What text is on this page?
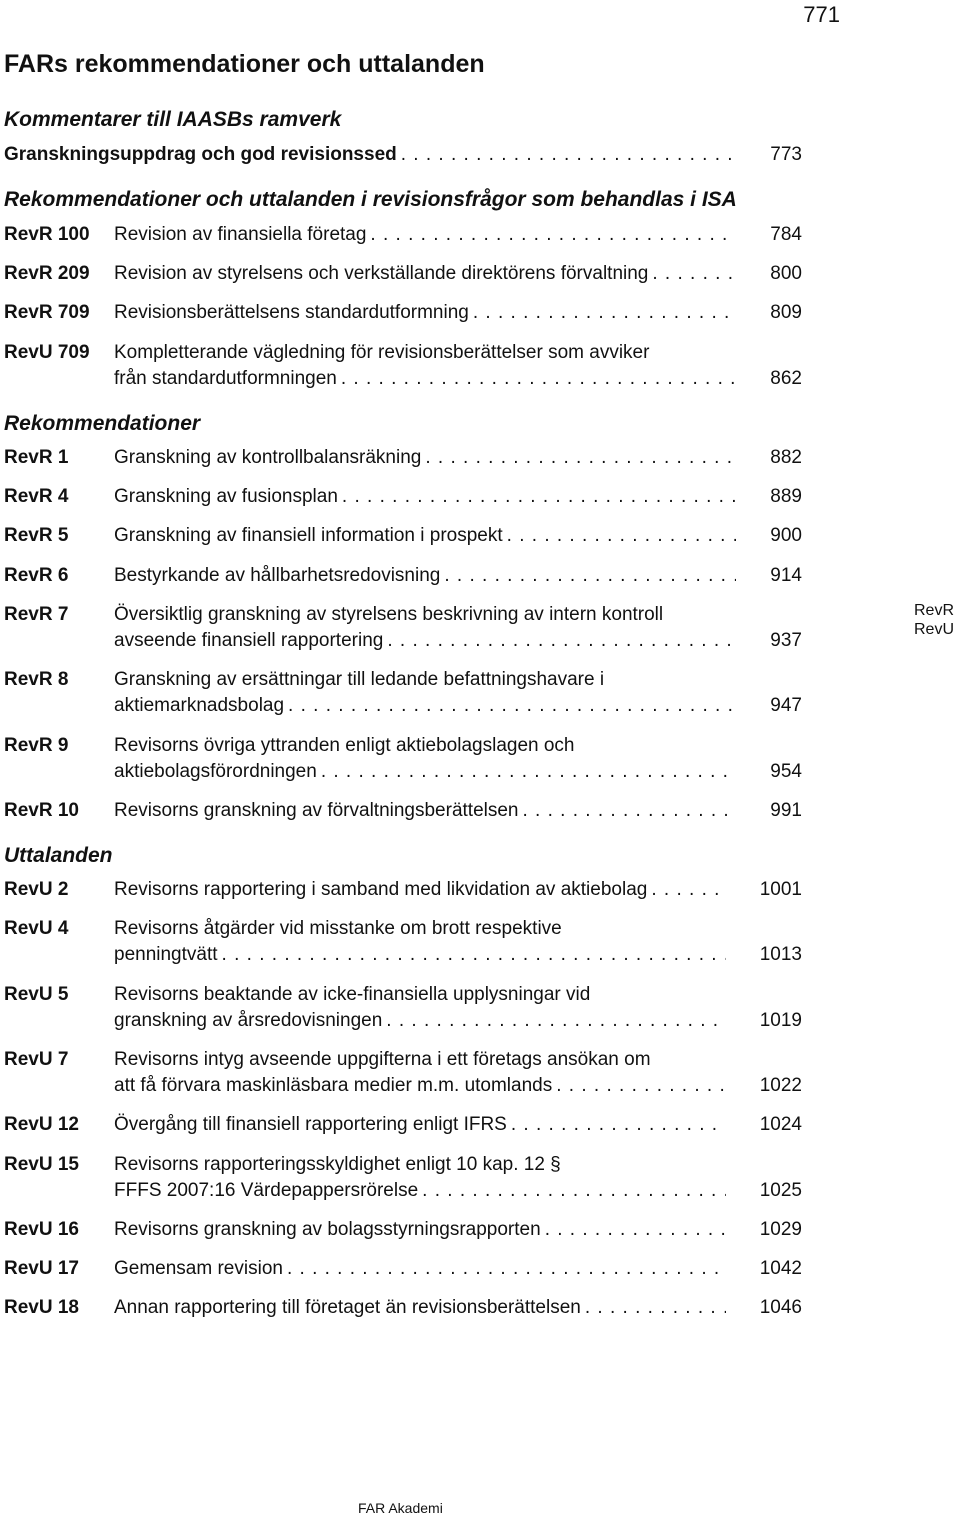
771
FARs rekommendationer och uttalanden
Kommentarer till IAASBs ramverk
Granskningsuppdrag och god revisionssed . . .	773
Rekommendationer och uttalanden i revisionsfrågor som behandlas i ISA
RevR 100 Revision av finansiella företag . . .	784
RevR 209 Revision av styrelsens och verkställande direktörens förvaltning . . .	800
RevR 709 Revisionsberättelsens standardutformning . . .	809
RevU 709 Kompletterande vägledning för revisionsberättelser som avviker
från standardutformningen . . .	862
Rekommendationer
RevR 1 Granskning av kontrollbalansräkning . . .	882
RevR 4 Granskning av fusionsplan . . .	889
RevR 5 Granskning av finansiell information i prospekt . . .	900
RevR 6 Bestyrkande av hållbarhetsredovisning . . .	914
RevR 7 Översiktlig granskning av styrelsens beskrivning av intern kontroll
avseende finansiell rapportering . . .	937
RevR 8 Granskning av ersättningar till ledande befattningshavare i
aktiemarknadsbolag . . .	947
RevR 9 Revisorns övriga yttranden enligt aktiebolagslagen och
aktiebolagsförordningen . . .	954
RevR 10 Revisorns granskning av förvaltningsberättelsen . . .	991
Uttalanden
RevU 2 Revisorns rapportering i samband med likvidation av aktiebolag . . .	1001
RevU 4 Revisorns åtgärder vid misstanke om brott respektive
penningtvätt . . .	1013
RevU 5 Revisorns beaktande av icke-finansiella upplysningar vid
granskning av årsredovisningen . . .	1019
RevU 7 Revisorns intyg avseende uppgifterna i ett företags ansökan om
att få förvara maskinläsbara medier m.m. utomlands . . .	1022
RevU 12 Övergång till finansiell rapportering enligt IFRS . . .	1024
RevU 15 Revisorns rapporteringsskyldighet enligt 10 kap. 12 §
FFFS 2007:16 Värdepappersrörelse . . .	1025
RevU 16 Revisorns granskning av bolagsstyrningsrapporten . . .	1029
RevU 17 Gemensam revision . . .	1042
RevU 18 Annan rapportering till företaget än revisionsberättelsen . . .	1046
RevR
RevU
FAR Akademi
